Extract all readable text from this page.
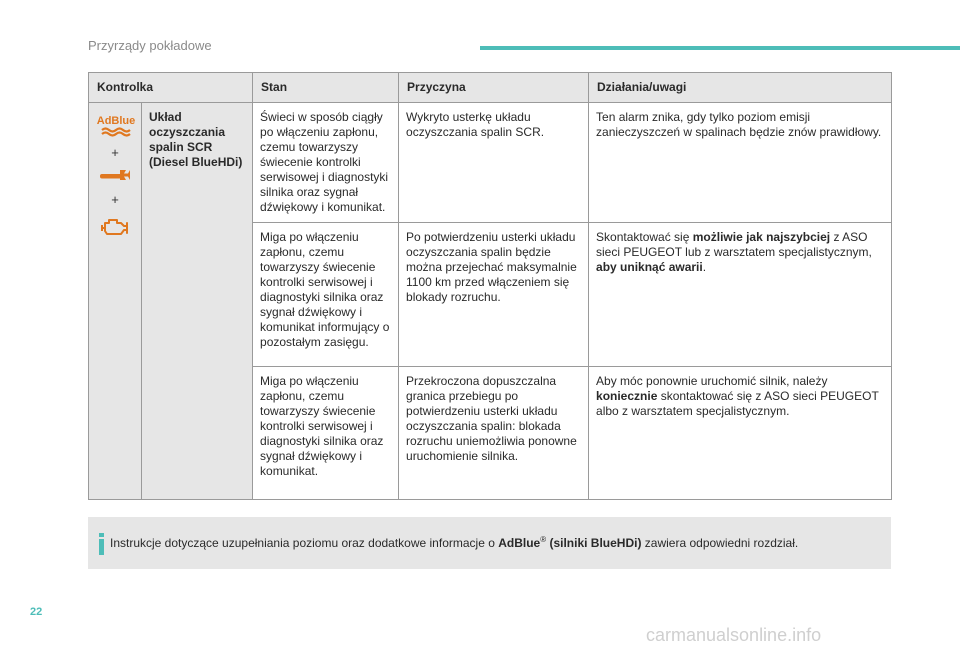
Przyrządy pokładowe
Kontrolka		Stan	Przyczyna	Działania/uwagi

AdBlue
+
+	Układ oczyszczania spalin SCR (Diesel BlueHDi)	Świeci w sposób ciągły po włączeniu zapłonu, czemu towarzyszy świecenie kontrolki serwisowej i diagnostyki silnika oraz sygnał dźwiękowy i komunikat.	Wykryto usterkę układu oczyszczania spalin SCR.	Ten alarm znika, gdy tylko poziom emisji zanieczyszczeń w spalinach będzie znów prawidłowy.
		Miga po włączeniu zapłonu, czemu towarzyszy świecenie kontrolki serwisowej i diagnostyki silnika oraz sygnał dźwiękowy i komunikat informujący o pozostałym zasięgu.	Po potwierdzeniu usterki układu oczyszczania spalin będzie można przejechać maksymalnie 1100 km przed włączeniem się blokady rozruchu.	Skontaktować się możliwie jak najszybciej z ASO sieci PEUGEOT lub z warsztatem specjalistycznym, aby uniknąć awarii.
		Miga po włączeniu zapłonu, czemu towarzyszy świecenie kontrolki serwisowej i diagnostyki silnika oraz sygnał dźwiękowy i komunikat.	Przekroczona dopuszczalna granica przebiegu po potwierdzeniu usterki układu oczyszczania spalin: blokada rozruchu uniemożliwia ponowne uruchomienie silnika.	Aby móc ponownie uruchomić silnik, należy koniecznie skontaktować się z ASO sieci PEUGEOT albo z warsztatem specjalistycznym.
Instrukcje dotyczące uzupełniania poziomu oraz dodatkowe informacje o AdBlue® (silniki BlueHDi) zawiera odpowiedni rozdział.
22
carmanualsonline.info
